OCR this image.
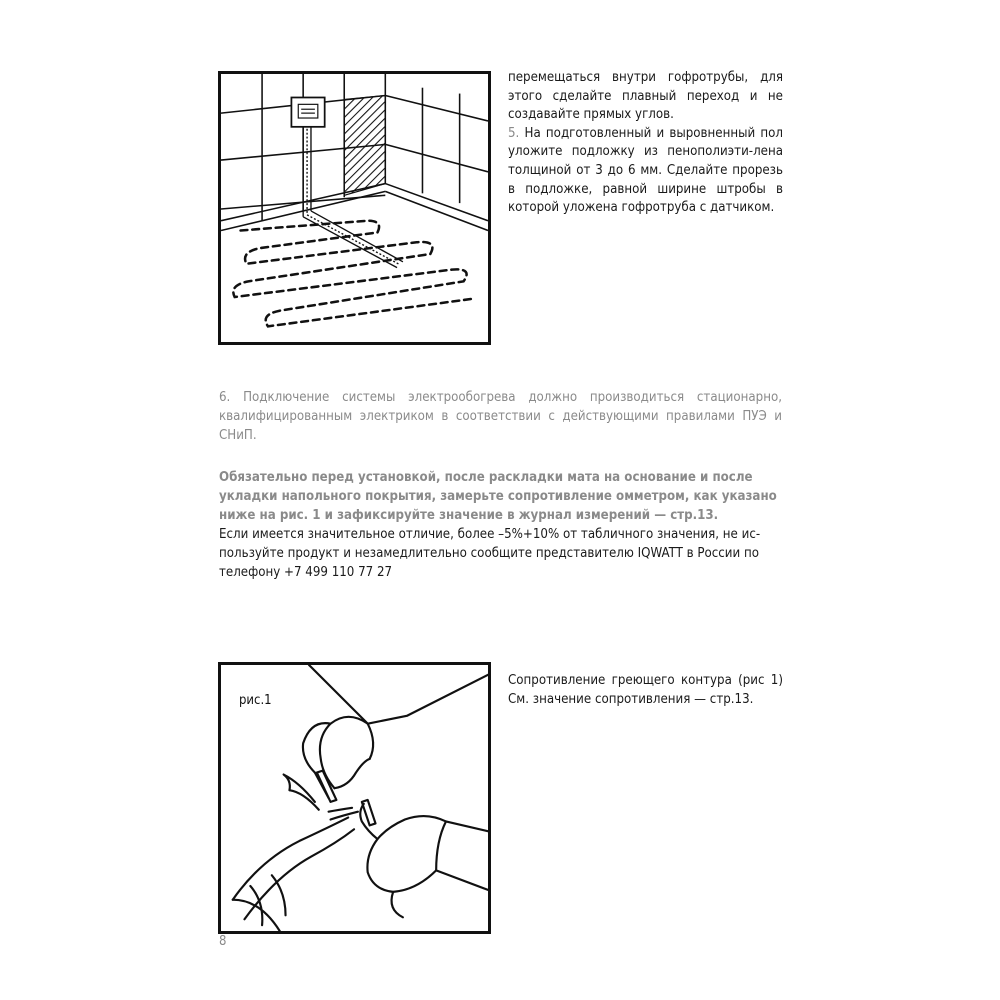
перемещаться внутри гофротрубы, для этого сделайте плавный переход и не создавайте прямых углов.

5. На подготовленный и выровненный пол уложите подложку из пенополиэти-лена толщиной от 3 до 6 мм. Сделайте прорезь в подложке, равной ширине штробы в которой уложена гофротруба с датчиком.

6. Подключение системы электрообогрева должно производиться стационарно, квалифицированным электриком в соответствии с действующими правилами ПУЭ и СНиП.

Обязательно перед установкой, после раскладки мата на основание и после укладки напольного покрытия, замерьте сопротивление омметром, как указано ниже на рис. 1 и зафиксируйте значение в журнал измерений — стр.13.

Если имеется значительное отличие, более –5%+10% от табличного значения, не ис-пользуйте продукт и незамедлительно сообщите представителю IQWATT в России по телефону +7 499 110 77 27

рис.1

Сопротивление греющего контура (рис 1) См. значение сопротивления — стр.13.

8
